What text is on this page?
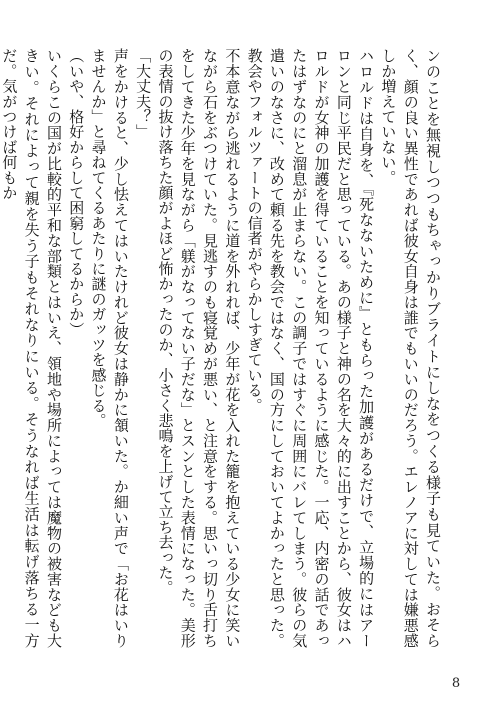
ンのことを無視しつつもちゃっかりブライトにしなをつくる様子も見ていた。おそらく、顔の良い異性であれば彼女自身は誰でもいいのだろう。エレノアに対しては嫌悪感しか増えていない。

ハロルドは自身を、『死なないために』ともらった加護があるだけで、立場的にはアーロンと同じ平民だと思っている。あの様子と神の名を大々的に出すことから、彼女はハロルドが女神の加護を得ていることを知っているように感じた。一応、内密の話であったはずなのにと溜息が止まらない。この調子ではすぐに周囲にバレてしまう。彼らの気遣いのなさに、改めて頼る先を教会ではなく、国の方にしておいてよかったと思った。教会やフォルツァートの信者がやらかしすぎている。

不本意ながら逃れるように道を外れれば、少年が花を入れた籠を抱えている少女に笑いながら石をぶつけていた。見逃すのも寝覚めが悪い、と注意をする。思いっ切り舌打ちをしてきた少年を見ながら「躾がなってない子だな」とスンとした表情になった。美形の表情の抜け落ちた顔がよほど怖かったのか、小さく悲鳴を上げて立ち去った。

「大丈夫？」

声をかけると、少し怯えてはいたけれど彼女は静かに頷いた。か細い声で「お花はいりませんか」と尋ねてくるあたりに謎のガッツを感じる。

（いや、格好からして困窮してるからか）

いくらこの国が比較的平和な部類とはいえ、領地や場所によっては魔物の被害なども大きい。それによって親を失う子もそれなりにいる。そうなれば生活は転げ落ちる一方だ。気がつけば何もか

8
